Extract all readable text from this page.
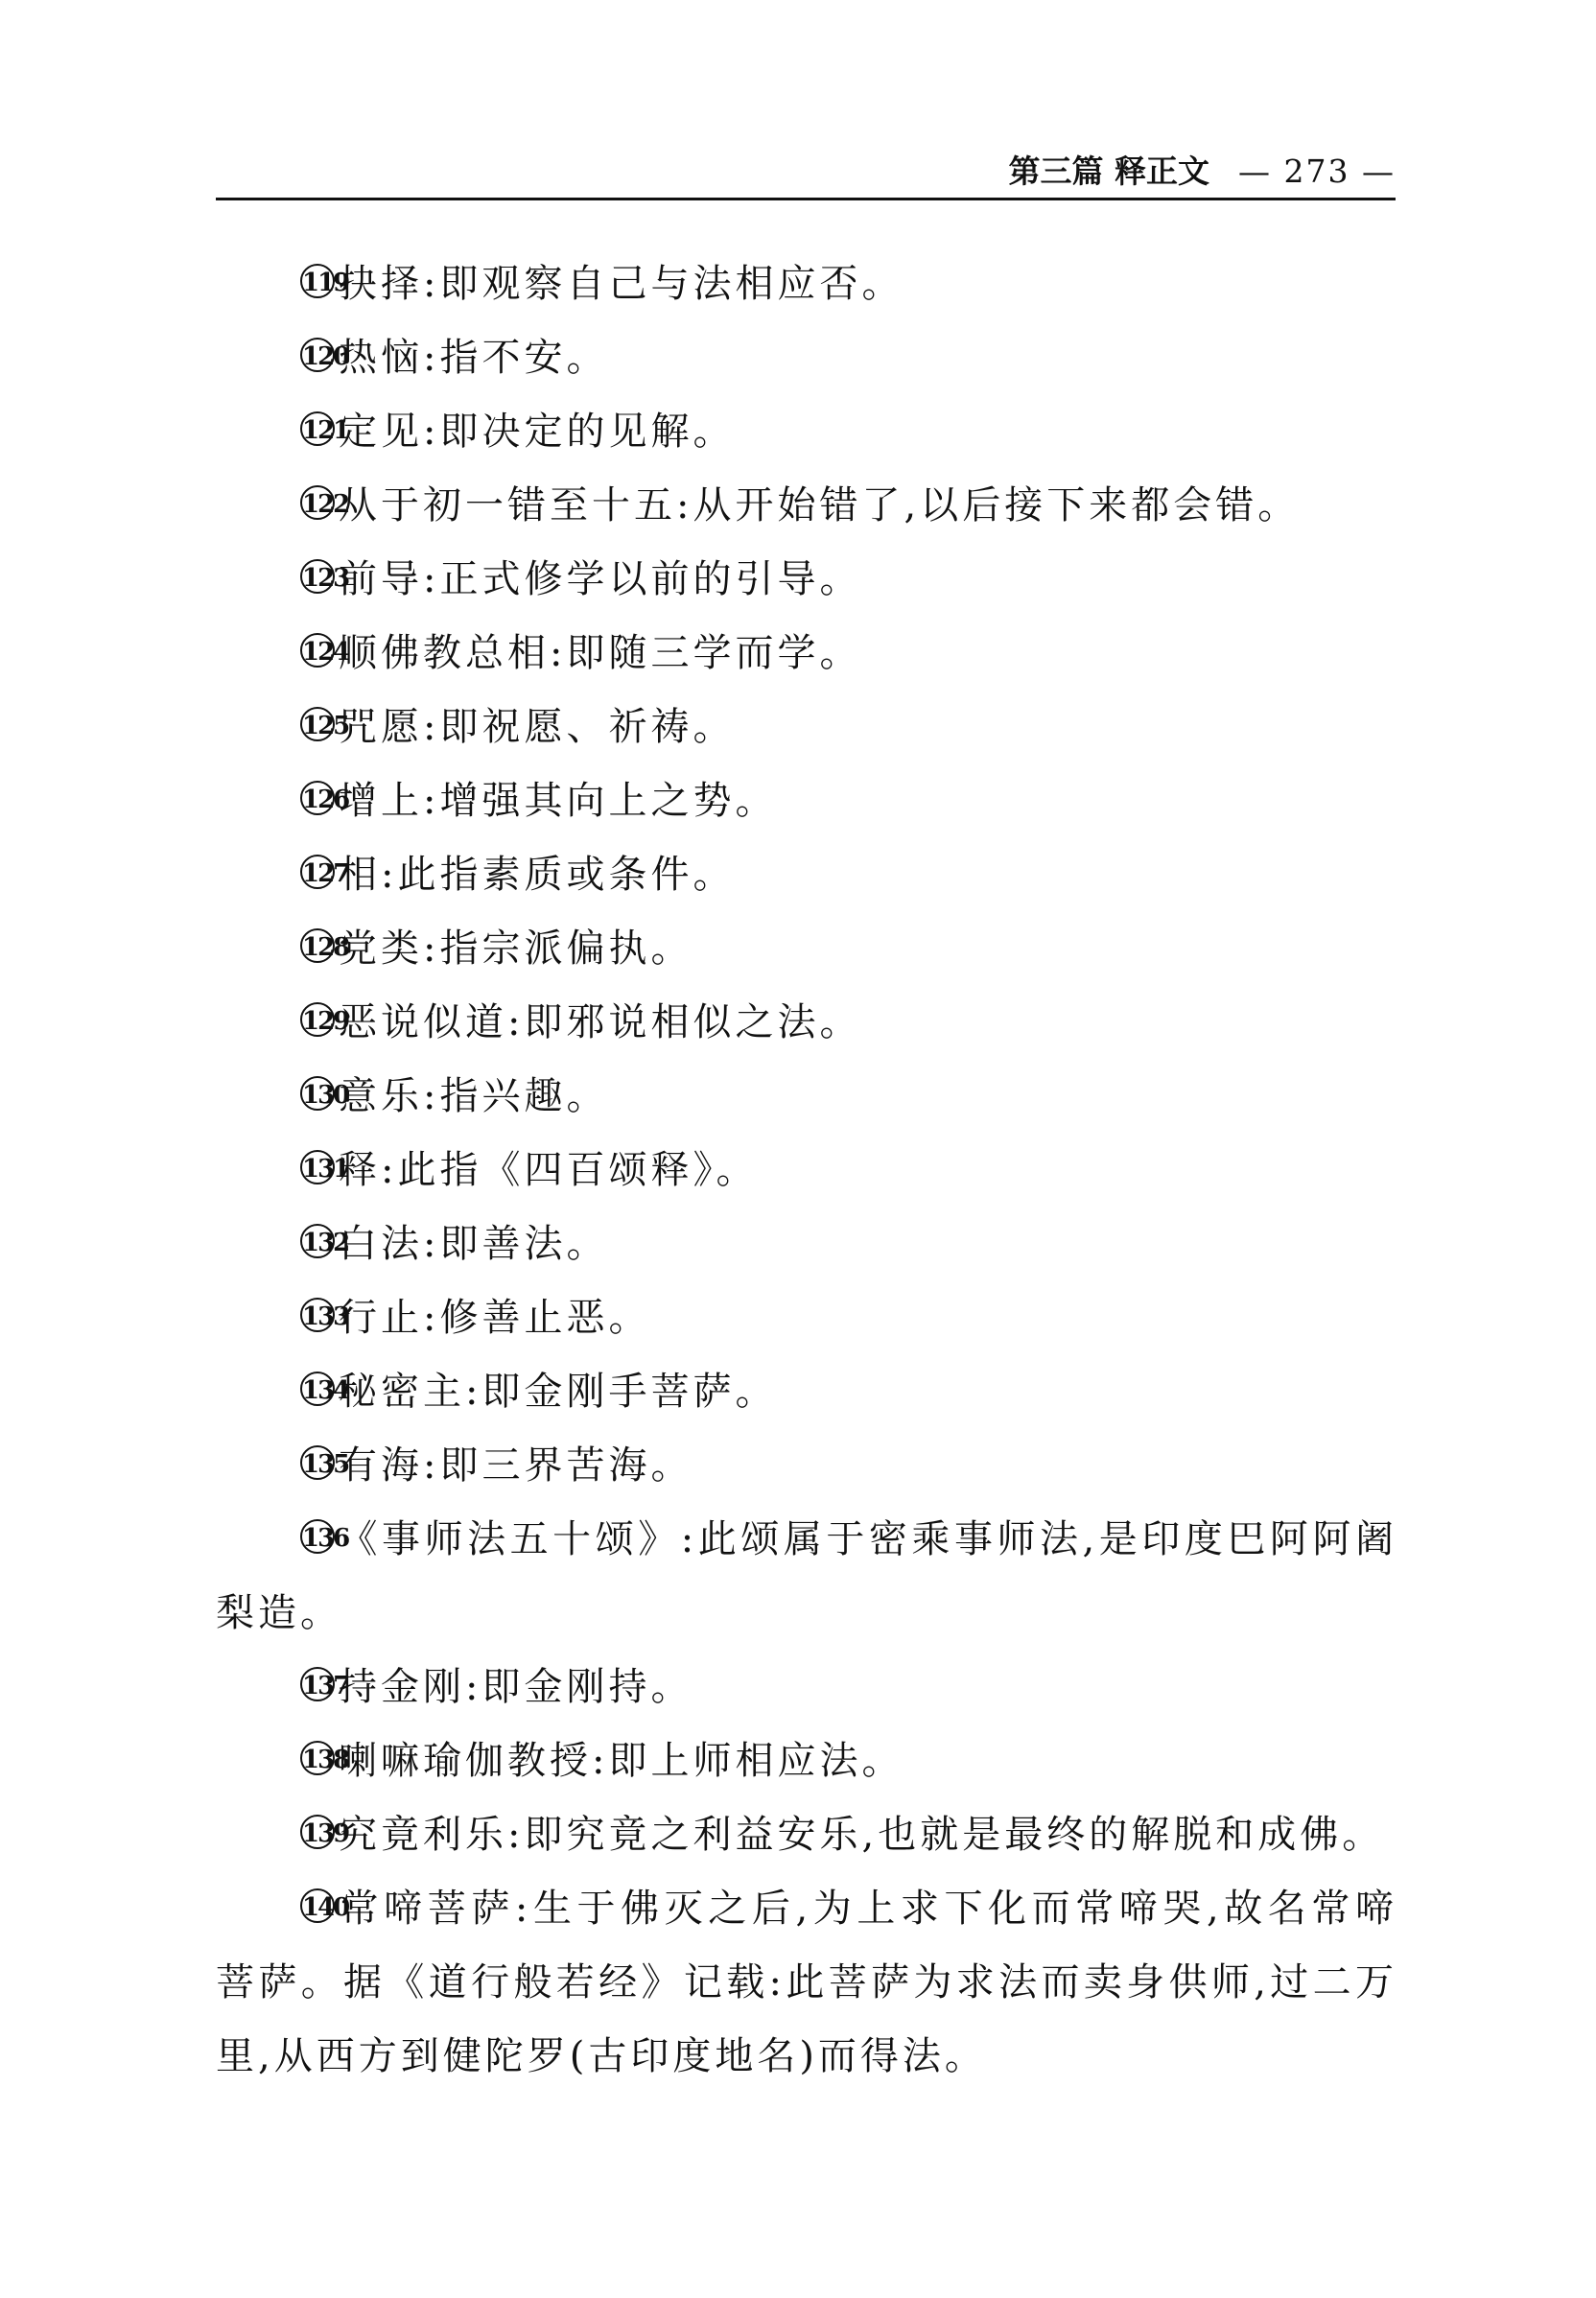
第三篇 释正文 — 273 —

119抉择:即观察自己与法相应否。

120热恼:指不安。

121定见:即决定的见解。

122从于初一错至十五:从开始错了,以后接下来都会错。

123前导:正式修学以前的引导。

124顺佛教总相:即随三学而学。

125咒愿:即祝愿、祈祷。

126增上:增强其向上之势。

127相:此指素质或条件。

128党类:指宗派偏执。

129恶说似道:即邪说相似之法。

130意乐:指兴趣。

131释:此指《四百颂释》。

132白法:即善法。

133行止:修善止恶。

134秘密主:即金刚手菩萨。

135有海:即三界苦海。

136《事师法五十颂》:此颂属于密乘事师法,是印度巴阿阿阇梨造。

137持金刚:即金刚持。

138喇嘛瑜伽教授:即上师相应法。

139究竟利乐:即究竟之利益安乐,也就是最终的解脱和成佛。

140常啼菩萨:生于佛灭之后,为上求下化而常啼哭,故名常啼菩萨。据《道行般若经》记载:此菩萨为求法而卖身供师,过二万里,从西方到健陀罗(古印度地名)而得法。
